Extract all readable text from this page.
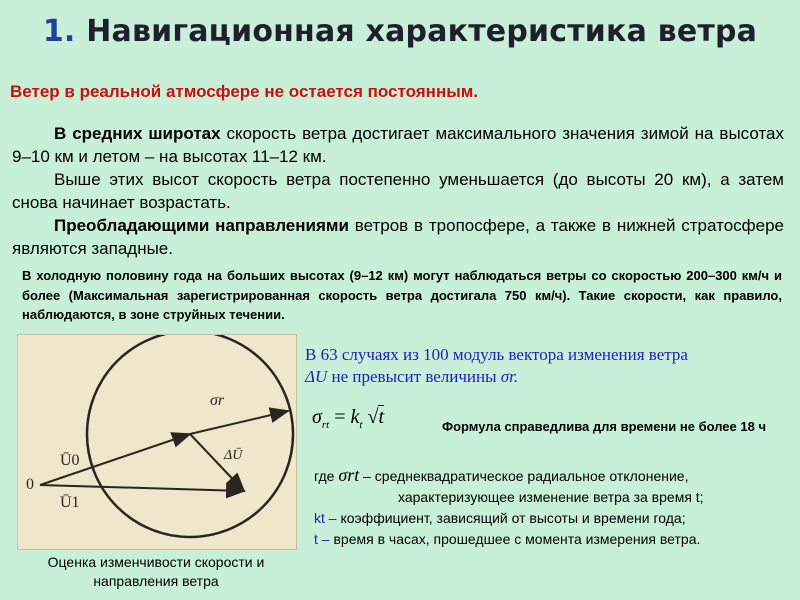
1. Навигационная характеристика ветра
Ветер в реальной атмосфере не остается постоянным.
В средних широтах скорость ветра достигает максимального значения зимой на высотах 9–10 км и летом – на высотах 11–12 км.
Выше этих высот скорость ветра постепенно уменьшается (до высоты 20 км), а затем снова начинает возрастать.
Преобладающими направлениями ветров в тропосфере, а также в нижней стратосфере являются западные.
В холодную половину года на больших высотах (9–12 км) могут наблюдаться ветры со скоростью 200–300 км/ч и более (Максимальная зарегистрированная скорость ветра достигала 750 км/ч). Такие скорости, как правило, наблюдаются, в зоне струйных течении.
0
Ū0
Ū1
σr
ΔŪ
Оценка изменчивости скорости и направления ветра
В 63 случаях из 100 модуль вектора изменения ветра
ΔU не превысит величины σr.
$\sigma_{rt} = k_t$ √t	Формула справедлива для времени не более 18 ч
где σrt – среднеквадратическое радиальное отклонение,
характеризующее изменение ветра за время t;
kt – коэффициент, зависящий от высоты и времени года;
t – время в часах, прошедшее с момента измерения ветра.
